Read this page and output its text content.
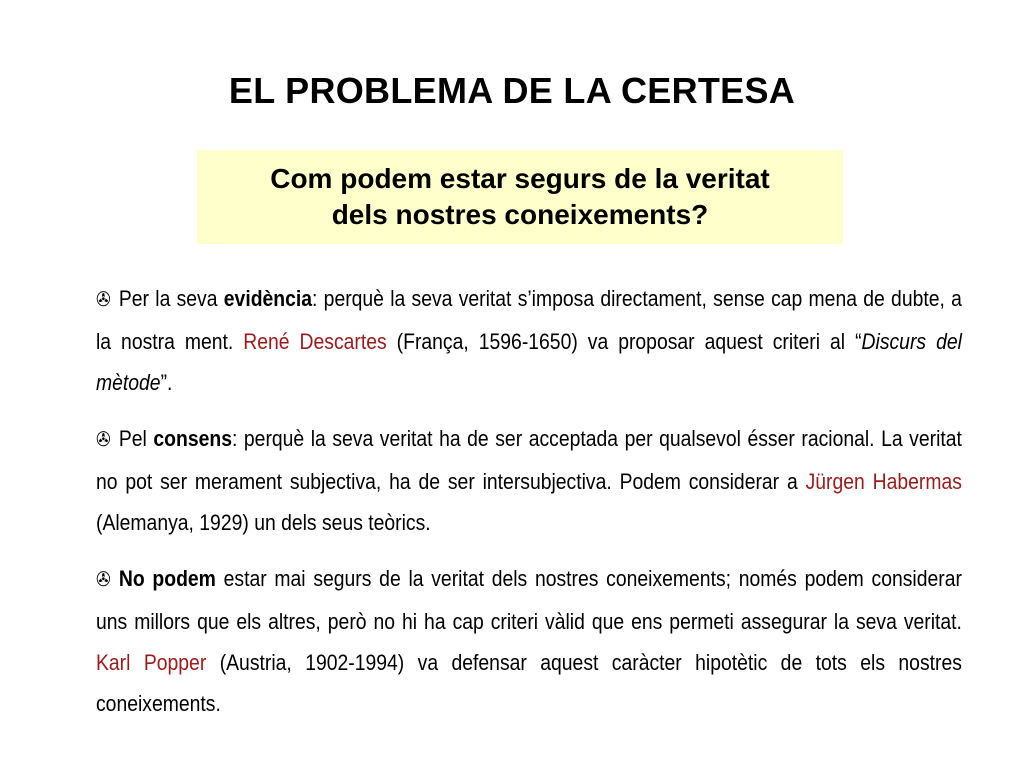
EL PROBLEMA DE LA CERTESA
Com podem estar segurs de la veritat
dels nostres coneixements?

✇ Per la seva evidència: perquè la seva veritat s’imposa directament, sense cap mena de dubte, a la nostra ment. René Descartes (França, 1596-1650) va proposar aquest criteri al “Discurs del mètode”.

✇ Pel consens: perquè la seva veritat ha de ser acceptada per qualsevol ésser racional. La veritat no pot ser merament subjectiva, ha de ser intersubjectiva. Podem considerar a Jürgen Habermas (Alemanya, 1929) un dels seus teòrics.

✇ No podem estar mai segurs de la veritat dels nostres coneixements; només podem considerar uns millors que els altres, però no hi ha cap criteri vàlid que ens permeti assegurar la seva veritat. Karl Popper (Austria, 1902-1994) va defensar aquest caràcter hipotètic de tots els nostres coneixements.
